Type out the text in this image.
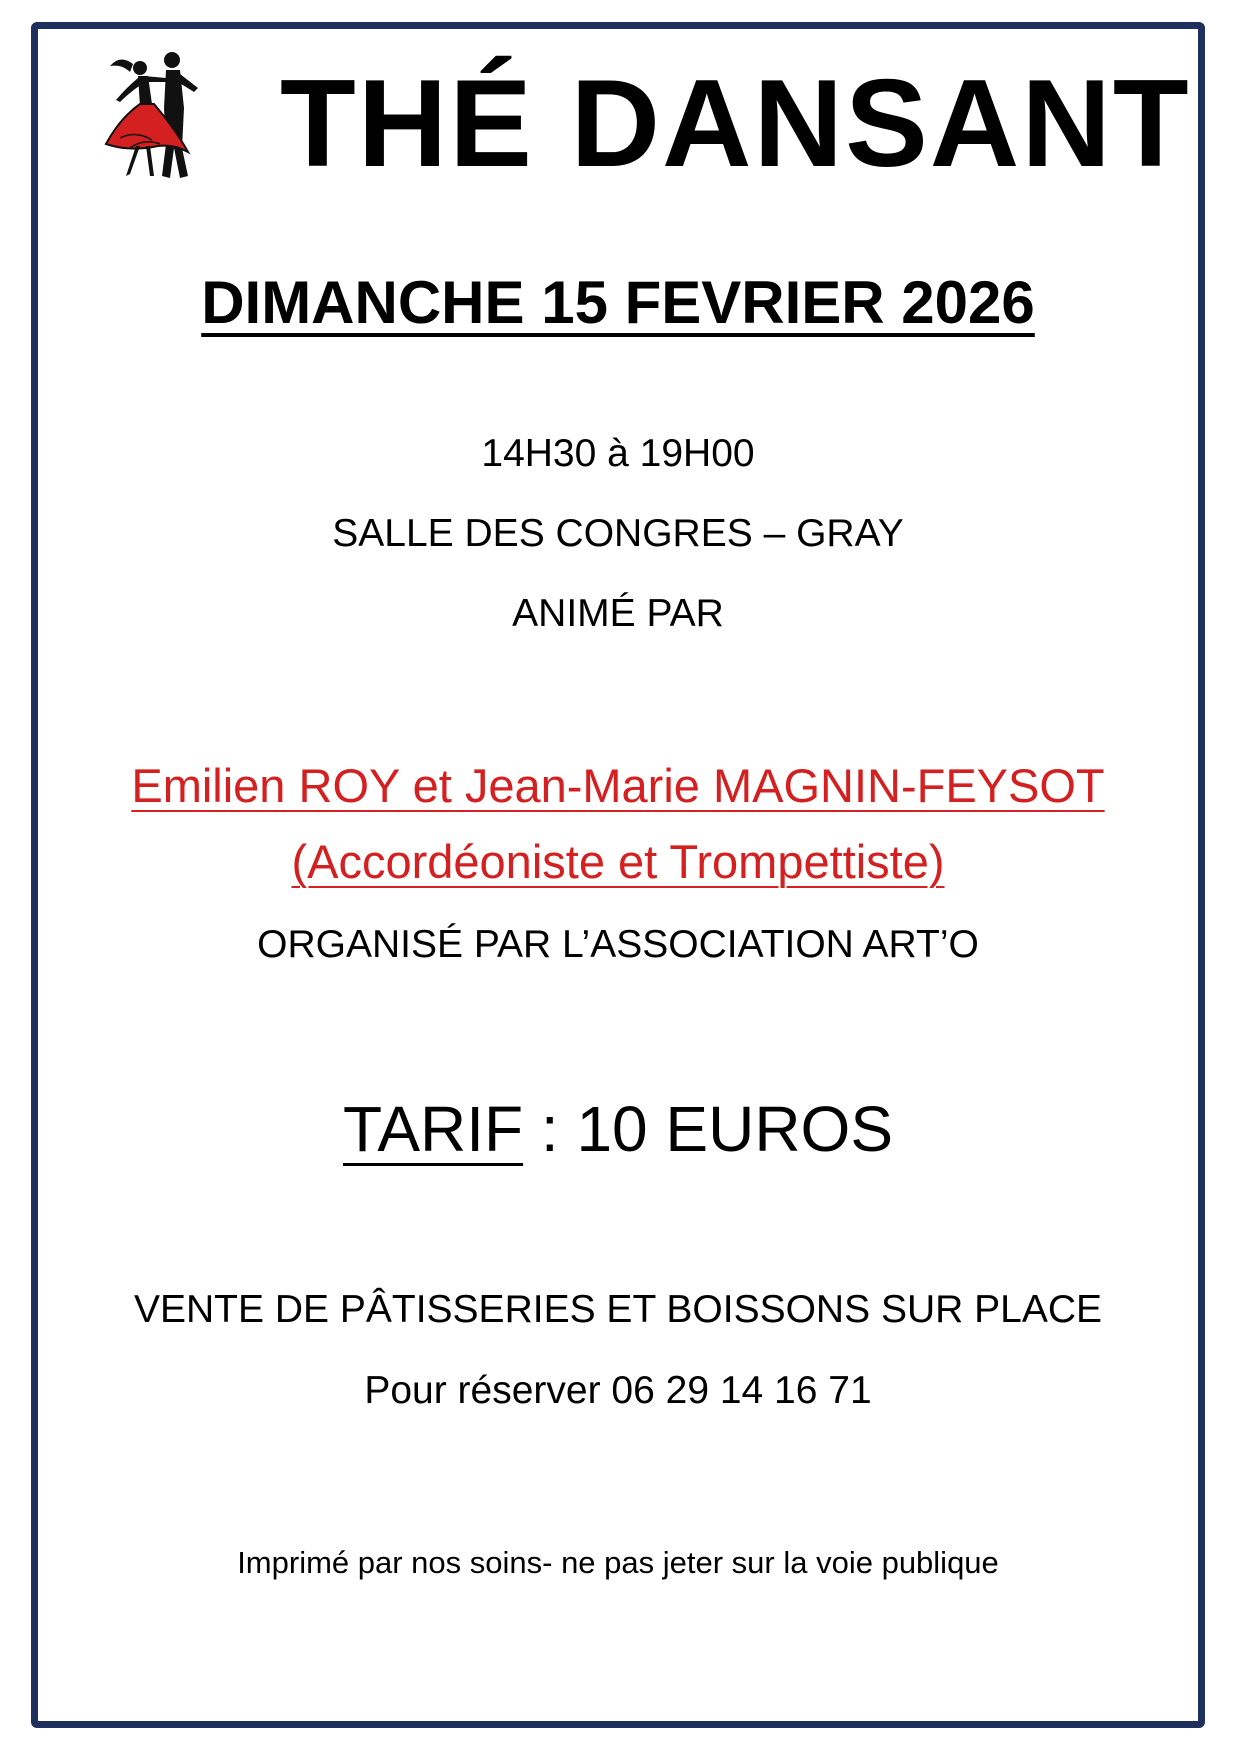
THÉ DANSANT
DIMANCHE 15 FEVRIER 2026
14H30 à 19H00
SALLE DES CONGRES – GRAY
ANIMÉ PAR
Emilien ROY et Jean-Marie MAGNIN-FEYSOT
(Accordéoniste et Trompettiste)
ORGANISÉ PAR L’ASSOCIATION ART’O
TARIF : 10 EUROS
VENTE DE PÂTISSERIES ET BOISSONS SUR PLACE
Pour réserver 06 29 14 16 71
Imprimé par nos soins- ne pas jeter sur la voie publique
